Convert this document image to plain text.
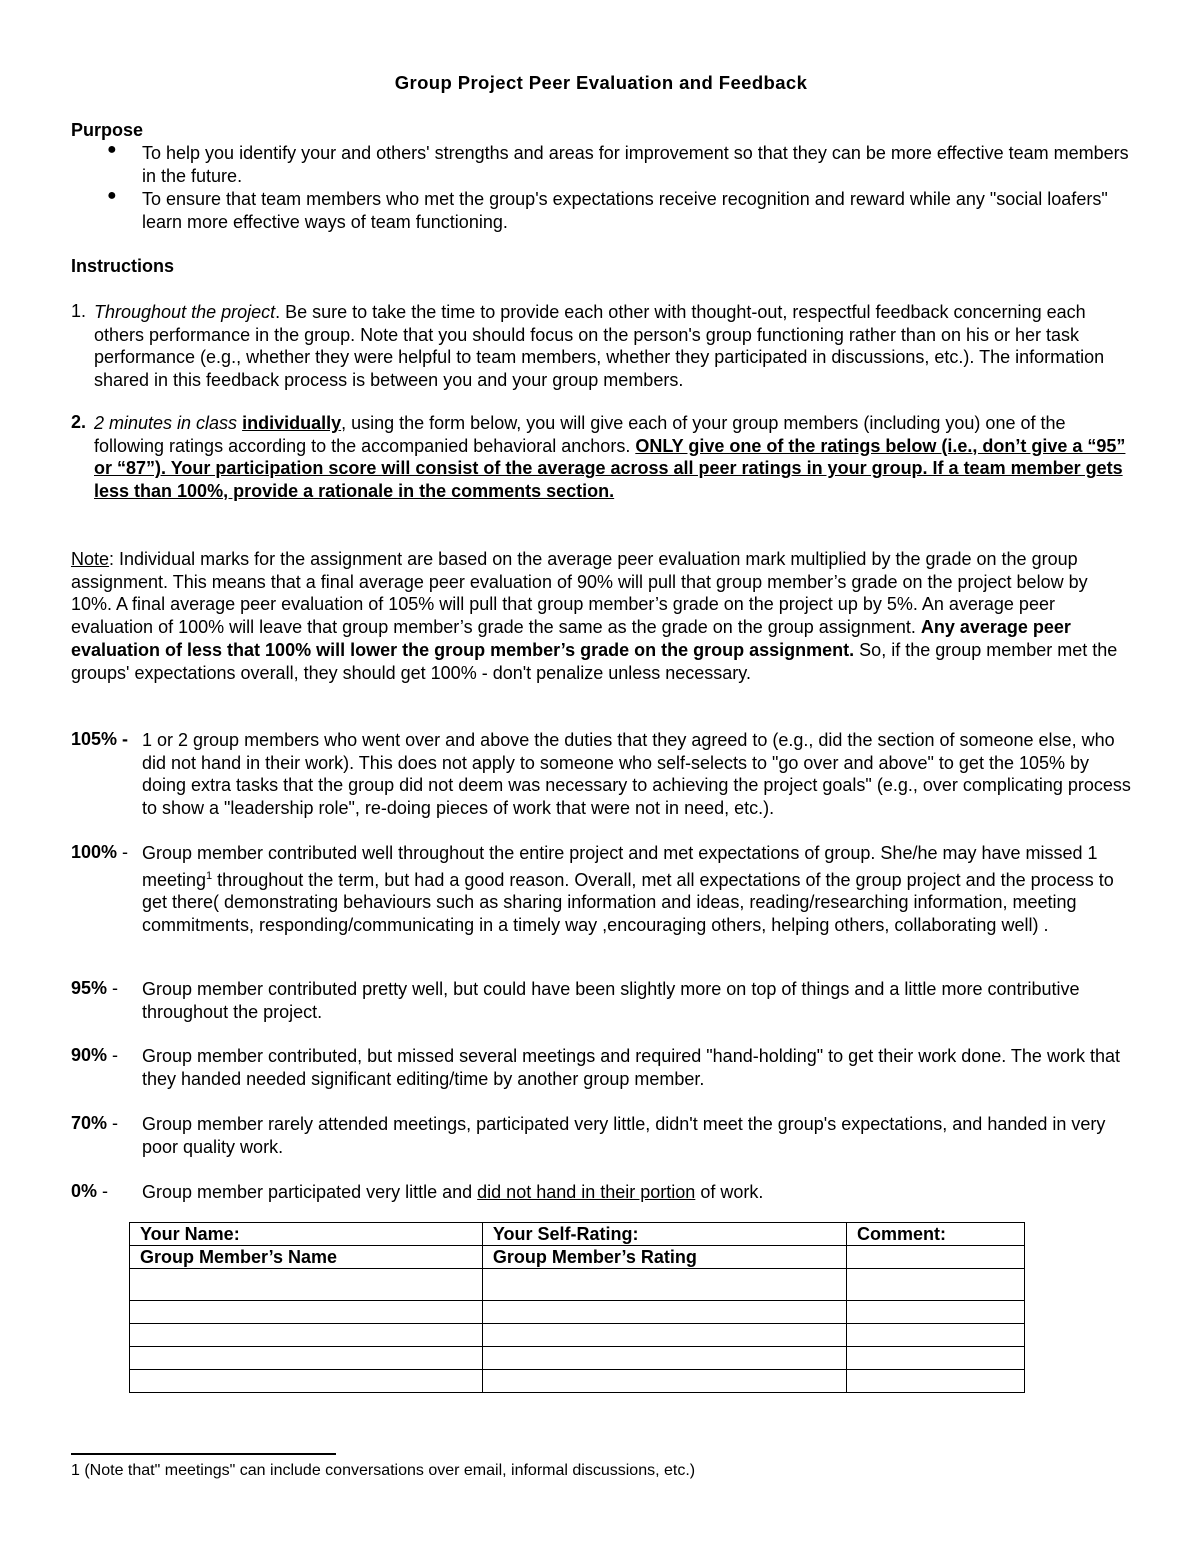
Group Project Peer Evaluation and Feedback
Purpose
● To help you identify your and others' strengths and areas for improvement so that they can be more effective team members in the future.
● To ensure that team members who met the group's expectations receive recognition and reward while any "social loafers" learn more effective ways of team functioning.
Instructions
1. Throughout the project. Be sure to take the time to provide each other with thought-out, respectful feedback concerning each others performance in the group. Note that you should focus on the person's group functioning rather than on his or her task performance (e.g., whether they were helpful to team members, whether they participated in discussions, etc.). The information shared in this feedback process is between you and your group members.
2. 2 minutes in class individually, using the form below, you will give each of your group members (including you) one of the following ratings according to the accompanied behavioral anchors. ONLY give one of the ratings below (i.e., don’t give a “95” or “87”). Your participation score will consist of the average across all peer ratings in your group. If a team member gets less than 100%, provide a rationale in the comments section.
Note: Individual marks for the assignment are based on the average peer evaluation mark multiplied by the grade on the group assignment. This means that a final average peer evaluation of 90% will pull that group member’s grade on the project below by 10%. A final average peer evaluation of 105% will pull that group member’s grade on the project up by 5%. An average peer evaluation of 100% will leave that group member’s grade the same as the grade on the group assignment. Any average peer evaluation of less that 100% will lower the group member’s grade on the group assignment. So, if the group member met the groups' expectations overall, they should get 100% - don't penalize unless necessary.
105% - 1 or 2 group members who went over and above the duties that they agreed to (e.g., did the section of someone else, who did not hand in their work). This does not apply to someone who self-selects to "go over and above" to get the 105% by doing extra tasks that the group did not deem was necessary to achieving the project goals" (e.g., over complicating process to show a "leadership role", re-doing pieces of work that were not in need, etc.).
100% - Group member contributed well throughout the entire project and met expectations of group. She/he may have missed 1 meeting$^1$ throughout the term, but had a good reason. Overall, met all expectations of the group project and the process to get there( demonstrating behaviours such as sharing information and ideas, reading/researching information, meeting commitments, responding/communicating in a timely way ,encouraging others, helping others, collaborating well) .
95% - Group member contributed pretty well, but could have been slightly more on top of things and a little more contributive throughout the project.
90% - Group member contributed, but missed several meetings and required "hand-holding" to get their work done. The work that they handed needed significant editing/time by another group member.
70% - Group member rarely attended meetings, participated very little, didn't meet the group's expectations, and handed in very poor quality work.
0% - Group member participated very little and did not hand in their portion of work.
Your Name:	Your Self-Rating:	Comment:
Group Member’s Name	Group Member’s Rating	

1 (Note that" meetings" can include conversations over email, informal discussions, etc.)
